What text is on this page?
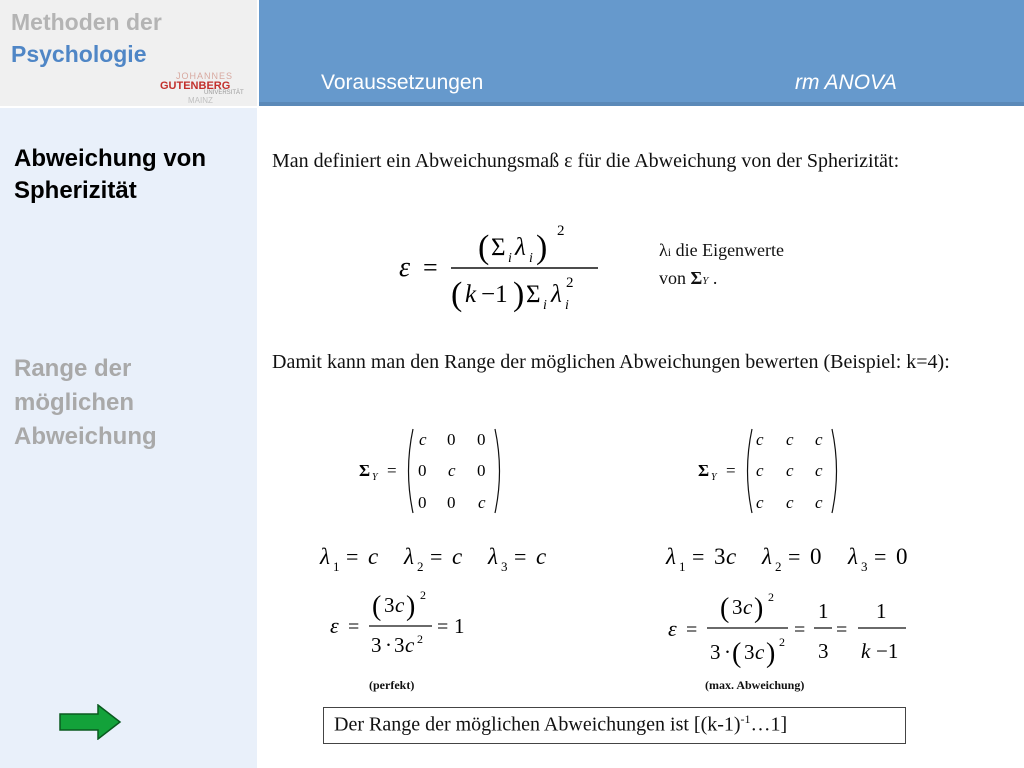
Methoden der
Psychologie
JOHANNES
GUTENBERG
UNIVERSITÄT
MAINZ
Voraussetzungen	rm ANOVA
Abweichung von Spherizität
Range der möglichen Abweichung
Man definiert ein Abweichungsmaß ε für die Abweichung von der Spherizität:
ε =
( Σ i λ i ) 2
( k −1 ) Σ i λ i
2
λi die Eigenwerte
von ΣY .
Damit kann man den Range der möglichen Abweichungen bewerten (Beispiel: k=4):
Σ Y =
c 0 0
0 c 0
0 0 c
Σ Y =
c c c
c c c
c c c
λ 1 = c λ 2 = c λ 3 = c	λ 1 = 3 c λ 2 = 0 λ 3 = 0
ε =
( 3 c ) 2
3 · 3 c 2
= 1	ε =
( 3 c ) 2
3 · ( 3 c ) 2
=
1
3
=
1
k −1
(perfekt)	(max. Abweichung)
Der Range der möglichen Abweichungen ist $[(k-1)^{-1}\dots 1]$
